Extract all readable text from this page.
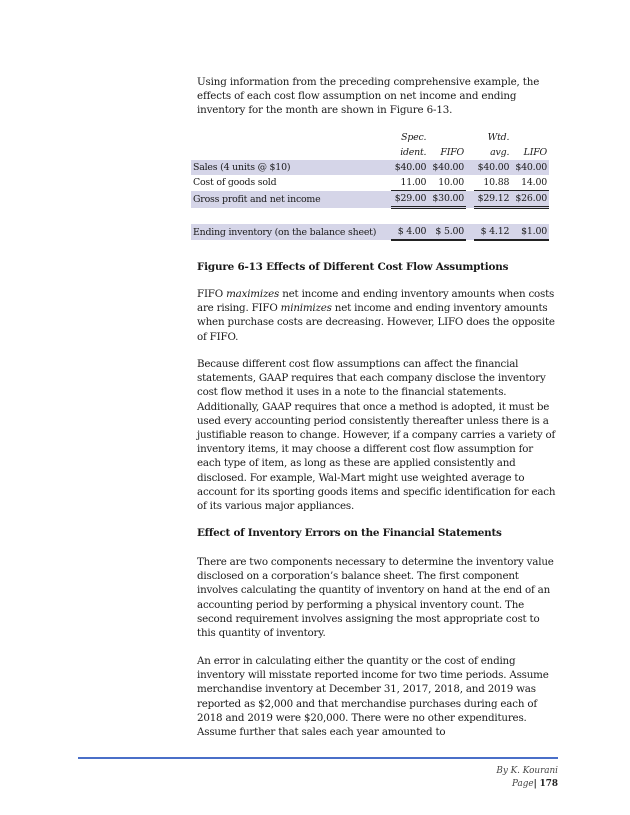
Using information from the preceding comprehensive example, the effects of each cost flow assumption on net income and ending inventory for the month are shown in Figure 6-13.
	Spec.			Wtd.	
	ident.	FIFO		avg.	LIFO
Sales (4 units @ $10)	$40.00	$40.00		$40.00	$40.00
Cost of goods sold	11.00	10.00		10.88	14.00
Gross profit and net income	$29.00	$30.00		$29.12	$26.00

Ending inventory (on the balance sheet)	$ 4.00	$ 5.00		$ 4.12	$1.00
Figure 6-13 Effects of Different Cost Flow Assumptions

FIFO maximizes net income and ending inventory amounts when costs are rising. FIFO minimizes net income and ending inventory amounts when purchase costs are decreasing. However, LIFO does the opposite of FIFO.

Because different cost flow assumptions can affect the financial statements, GAAP requires that each company disclose the inventory cost flow method it uses in a note to the financial statements. Additionally, GAAP requires that once a method is adopted, it must be used every accounting period consistently thereafter unless there is a justifiable reason to change. However, if a company carries a variety of inventory items, it may choose a different cost flow assumption for each type of item, as long as these are applied consistently and disclosed. For example, Wal-Mart might use weighted average to account for its sporting goods items and specific identification for each of its various major appliances.

Effect of Inventory Errors on the Financial Statements

There are two components necessary to determine the inventory value disclosed on a corporation’s balance sheet. The first component involves calculating the quantity of inventory on hand at the end of an accounting period by performing a physical inventory count. The second requirement involves assigning the most appropriate cost to this quantity of inventory.

An error in calculating either the quantity or the cost of ending inventory will misstate reported income for two time periods. Assume merchandise inventory at December 31, 2017, 2018, and 2019 was reported as $2,000 and that merchandise purchases during each of 2018 and 2019 were $20,000. There were no other expenditures. Assume further that sales each year amounted to

By K. Kourani
Page| 178
